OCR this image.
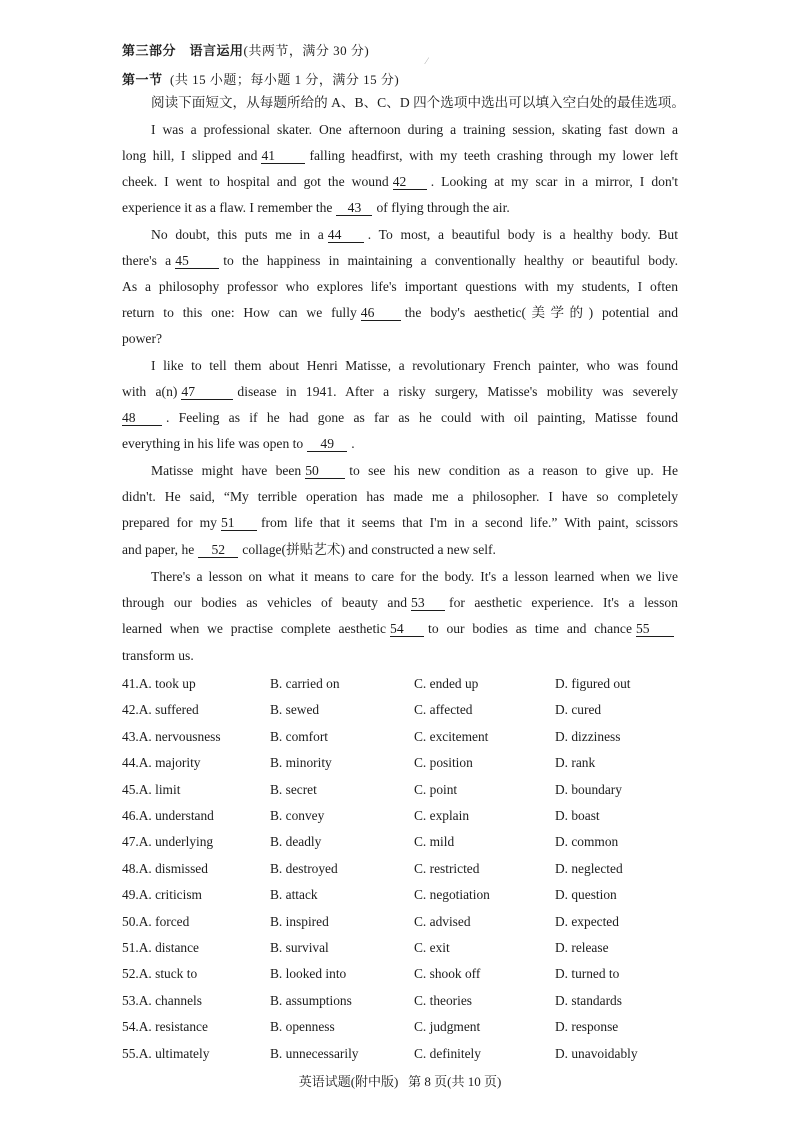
⁄
第三部分　语言运用(共两节，满分 30 分)
第一节 (共 15 小题；每小题 1 分，满分 15 分)
阅读下面短文，从每题所给的 A、B、C、D 四个选项中选出可以填入空白处的最佳选项。
I was a professional skater. One afternoon during a training session, skating fast down a
long hill, I slipped and 41	falling headfirst, with my teeth crashing through my lower left
cheek. I went to hospital and got the wound 42 . Looking at my scar in a mirror, I don't
experience it as a flaw. I remember the 43 of flying through the air.
No doubt, this puts me in a 44 . To most, a beautiful body is a healthy body. But
there's a 45	to the happiness in maintaining a conventionally healthy or beautiful body.
As a philosophy professor who explores life's important questions with my students, I often
return to this one: How can we fully 46 the body's aesthetic(美学的) potential and
power?
I like to tell them about Henri Matisse, a revolutionary French painter, who was found
with a(n) 47	disease in 1941. After a risky surgery, Matisse's mobility was severely
48 . Feeling as if he had gone as far as he could with oil painting, Matisse found
everything in his life was open to 49 .
Matisse might have been 50 to see his new condition as a reason to give up. He
didn't. He said, “My terrible operation has made me a philosopher. I have so completely
prepared for my 51 from life that it seems that I'm in a second life.” With paint, scissors
and paper, he 52 collage(拼贴艺术) and constructed a new self.
There's a lesson on what it means to care for the body. It's a lesson learned when we live
through our bodies as vehicles of beauty and 53 for aesthetic experience. It's a lesson
learned when we practise complete aesthetic 54 to our bodies as time and chance 55
transform us.
41.A. took up	B. carried on	C. ended up	D. figured out
42.A. suffered	B. sewed	C. affected	D. cured
43.A. nervousness	B. comfort	C. excitement	D. dizziness
44.A. majority	B. minority	C. position	D. rank
45.A. limit	B. secret	C. point	D. boundary
46.A. understand	B. convey	C. explain	D. boast
47.A. underlying	B. deadly	C. mild	D. common
48.A. dismissed	B. destroyed	C. restricted	D. neglected
49.A. criticism	B. attack	C. negotiation	D. question
50.A. forced	B. inspired	C. advised	D. expected
51.A. distance	B. survival	C. exit	D. release
52.A. stuck to	B. looked into	C. shook off	D. turned to
53.A. channels	B. assumptions	C. theories	D. standards
54.A. resistance	B. openness	C. judgment	D. response
55.A. ultimately	B. unnecessarily	C. definitely	D. unavoidably
英语试题(附中版) 第 8 页(共 10 页)
